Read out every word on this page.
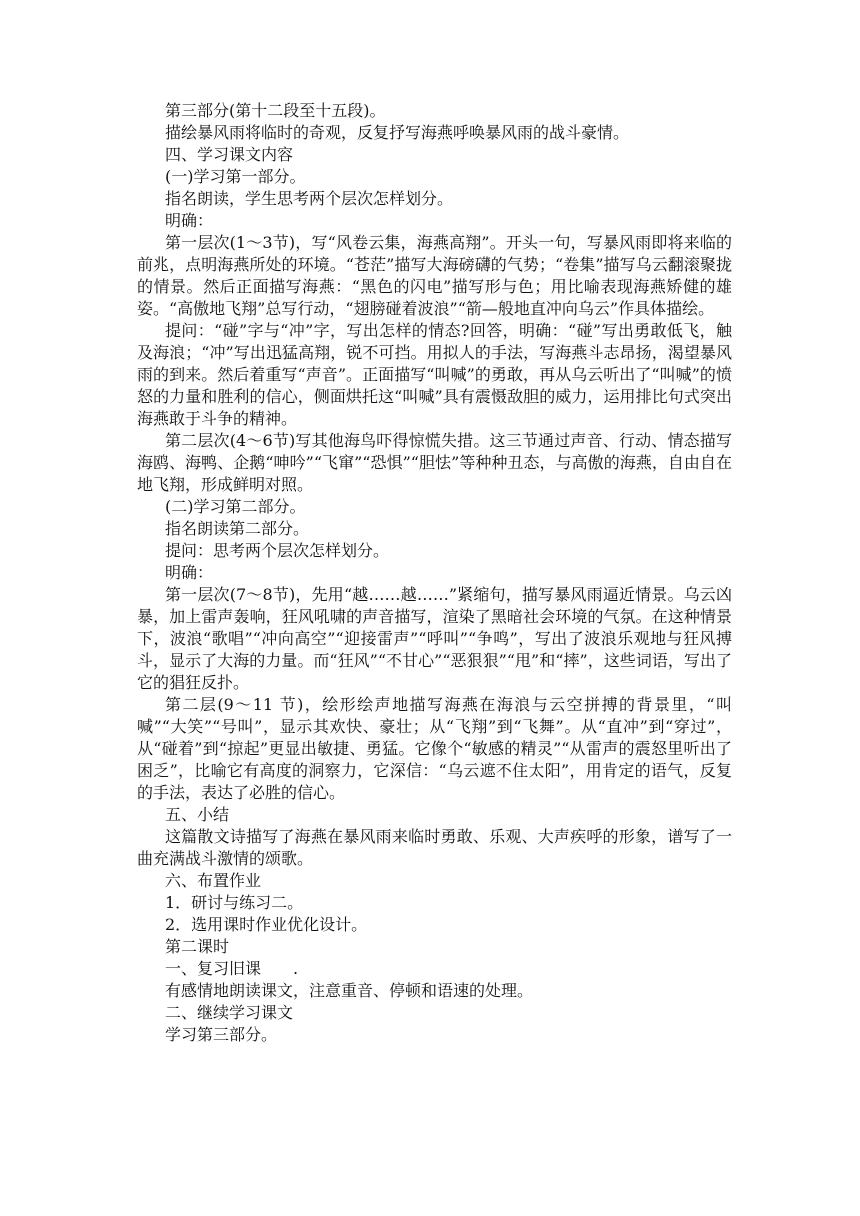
第三部分(第十二段至十五段)。

描绘暴风雨将临时的奇观，反复抒写海燕呼唤暴风雨的战斗豪情。

四、学习课文内容

(一)学习第一部分。

指名朗读，学生思考两个层次怎样划分。

明确：

第一层次(1～3节)，写“风卷云集，海燕高翔”。开头一句，写暴风雨即将来临的前兆，点明海燕所处的环境。“苍茫”描写大海磅礴的气势；“卷集”描写乌云翻滚聚拢的情景。然后正面描写海燕：“黑色的闪电”描写形与色；用比喻表现海燕矫健的雄姿。“高傲地飞翔”总写行动，“翅膀碰着波浪”“箭—般地直冲向乌云”作具体描绘。

提问：“碰”字与“冲”字，写出怎样的情态?回答，明确：“碰”写出勇敢低飞，触及海浪；“冲”写出迅猛高翔，锐不可挡。用拟人的手法，写海燕斗志昂扬，渴望暴风雨的到来。然后着重写“声音”。正面描写“叫喊”的勇敢，再从乌云听出了“叫喊”的愤怒的力量和胜利的信心，侧面烘托这“叫喊”具有震慑敌胆的威力，运用排比句式突出海燕敢于斗争的精神。

第二层次(4～6节)写其他海鸟吓得惊慌失措。这三节通过声音、行动、情态描写海鸥、海鸭、企鹅“呻吟”“飞窜”“恐惧”“胆怯”等种种丑态，与高傲的海燕，自由自在地飞翔，形成鲜明对照。

(二)学习第二部分。

指名朗读第二部分。

提问：思考两个层次怎样划分。

明确：

第一层次(7～8节)，先用“越……越……”紧缩句，描写暴风雨逼近情景。乌云凶暴，加上雷声轰响，狂风吼啸的声音描写，渲染了黑暗社会环境的气氛。在这种情景下，波浪“歌唱”“冲向高空”“迎接雷声”“呼叫”“争鸣”，写出了波浪乐观地与狂风搏斗，显示了大海的力量。而“狂风”“不甘心”“恶狠狠”“甩”和“摔”，这些词语，写出了它的猖狂反扑。

第二层(9～11 节)，绘形绘声地描写海燕在海浪与云空拼搏的背景里，“叫喊”“大笑”“号叫”，显示其欢快、豪壮；从“飞翔”到“飞舞”。从“直冲”到“穿过”，从“碰着”到“掠起”更显出敏捷、勇猛。它像个“敏感的精灵”“从雷声的震怒里听出了困乏”，比喻它有高度的洞察力，它深信：“乌云遮不住太阳”，用肯定的语气，反复的手法，表达了必胜的信心。

五、小结

这篇散文诗描写了海燕在暴风雨来临时勇敢、乐观、大声疾呼的形象，谱写了一曲充满战斗激情的颂歌。

六、布置作业

1．研讨与练习二。

2．选用课时作业优化设计。

第二课时

一、复习旧课　　.

有感情地朗读课文，注意重音、停顿和语速的处理。

二、继续学习课文

学习第三部分。
